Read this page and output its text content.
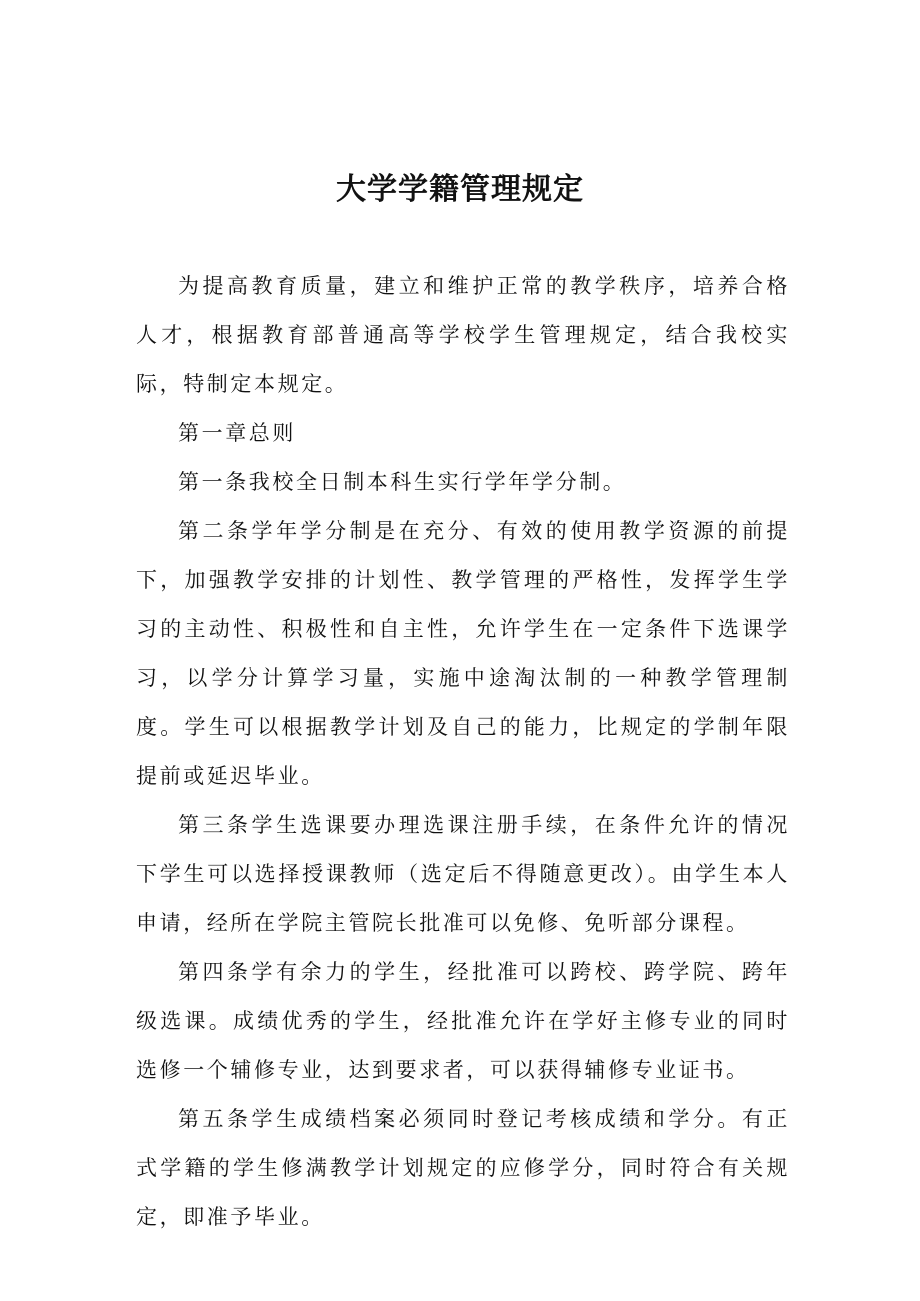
大学学籍管理规定

为提高教育质量，建立和维护正常的教学秩序，培养合格人才，根据教育部普通高等学校学生管理规定，结合我校实际，特制定本规定。

第一章总则

第一条我校全日制本科生实行学年学分制。

第二条学年学分制是在充分、有效的使用教学资源的前提下，加强教学安排的计划性、教学管理的严格性，发挥学生学习的主动性、积极性和自主性，允许学生在一定条件下选课学习，以学分计算学习量，实施中途淘汰制的一种教学管理制度。学生可以根据教学计划及自己的能力，比规定的学制年限提前或延迟毕业。

第三条学生选课要办理选课注册手续，在条件允许的情况下学生可以选择授课教师（选定后不得随意更改）。由学生本人申请，经所在学院主管院长批准可以免修、免听部分课程。

第四条学有余力的学生，经批准可以跨校、跨学院、跨年级选课。成绩优秀的学生，经批准允许在学好主修专业的同时选修一个辅修专业，达到要求者，可以获得辅修专业证书。

第五条学生成绩档案必须同时登记考核成绩和学分。有正式学籍的学生修满教学计划规定的应修学分，同时符合有关规定，即准予毕业。
